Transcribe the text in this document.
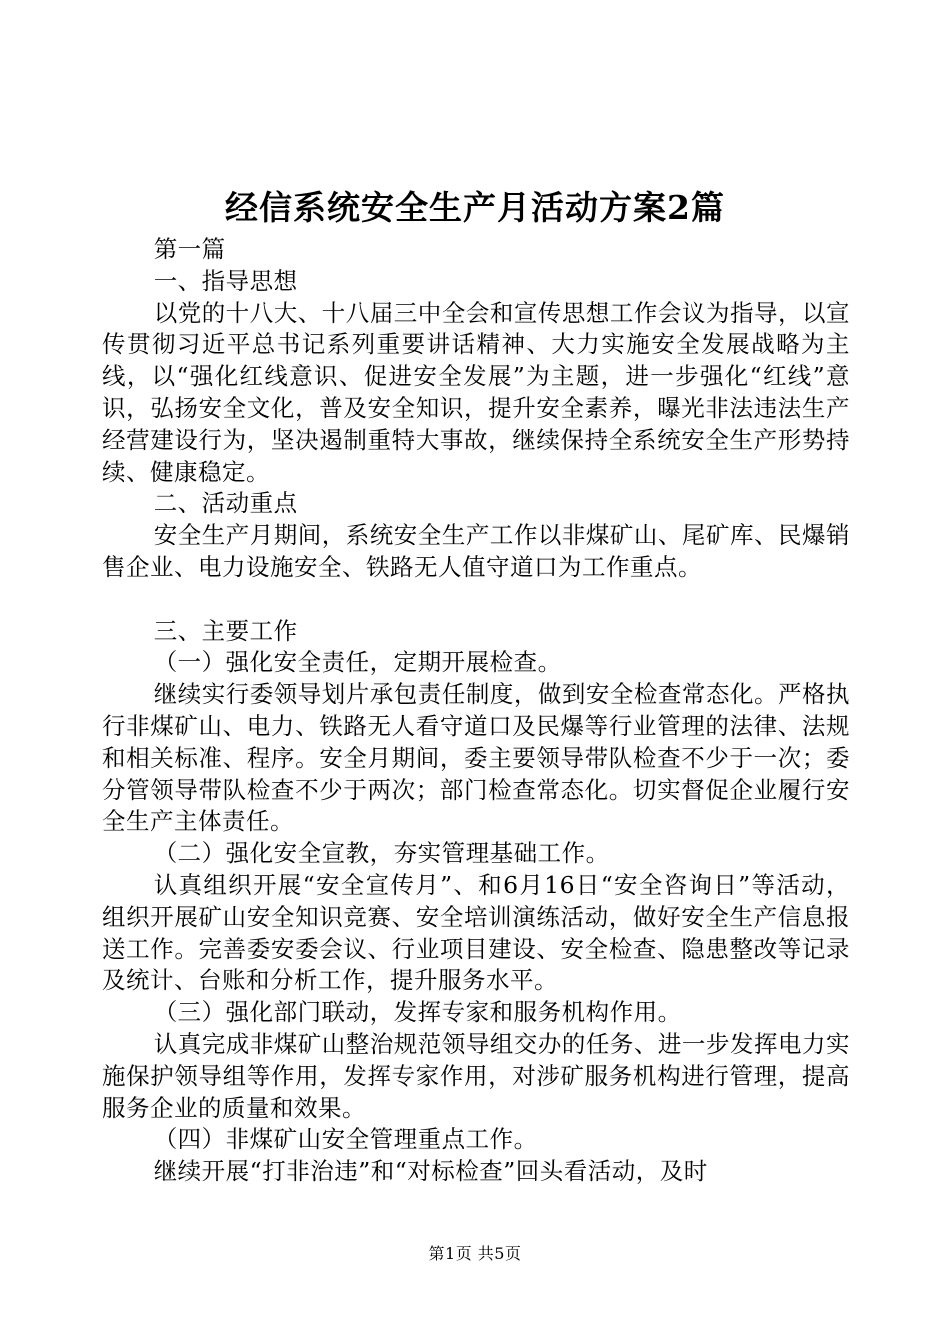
经信系统安全生产月活动方案2篇

第一篇

一、指导思想

以党的十八大、十八届三中全会和宣传思想工作会议为指导，以宣传贯彻习近平总书记系列重要讲话精神、大力实施安全发展战略为主线，以“强化红线意识、促进安全发展”为主题，进一步强化“红线”意识，弘扬安全文化，普及安全知识，提升安全素养，曝光非法违法生产经营建设行为，坚决遏制重特大事故，继续保持全系统安全生产形势持续、健康稳定。

二、活动重点

安全生产月期间，系统安全生产工作以非煤矿山、尾矿库、民爆销售企业、电力设施安全、铁路无人值守道口为工作重点。

三、主要工作

（一）强化安全责任，定期开展检查。

继续实行委领导划片承包责任制度，做到安全检查常态化。严格执行非煤矿山、电力、铁路无人看守道口及民爆等行业管理的法律、法规和相关标准、程序。安全月期间，委主要领导带队检查不少于一次；委分管领导带队检查不少于两次；部门检查常态化。切实督促企业履行安全生产主体责任。

（二）强化安全宣教，夯实管理基础工作。

认真组织开展“安全宣传月”、和6月16日“安全咨询日”等活动，组织开展矿山安全知识竞赛、安全培训演练活动，做好安全生产信息报送工作。完善委安委会议、行业项目建设、安全检查、隐患整改等记录及统计、台账和分析工作，提升服务水平。

（三）强化部门联动，发挥专家和服务机构作用。

认真完成非煤矿山整治规范领导组交办的任务、进一步发挥电力实施保护领导组等作用，发挥专家作用，对涉矿服务机构进行管理，提高服务企业的质量和效果。

（四）非煤矿山安全管理重点工作。

继续开展“打非治违”和“对标检查”回头看活动，及时

第1页 共5页
